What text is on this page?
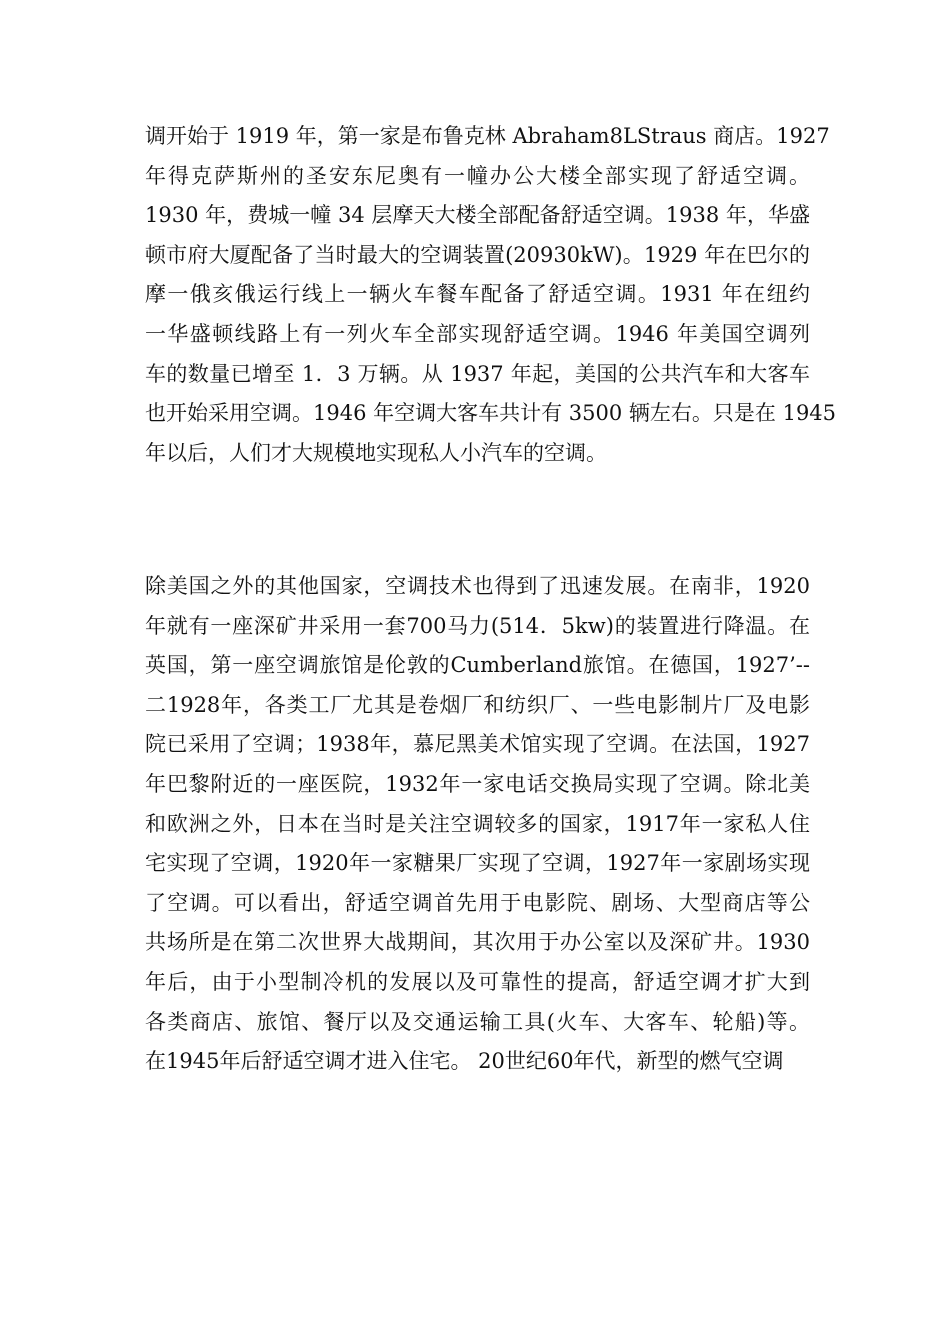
调开始于 1919 年，第一家是布鲁克林 Abraham8LStraus 商店。1927
年得克萨斯州的圣安东尼奥有一幢办公大楼全部实现了舒适空调。
1930 年，费城一幢 34 层摩天大楼全部配备舒适空调。1938 年，华盛
顿市府大厦配备了当时最大的空调装置(20930kW)。1929 年在巴尔的
摩一俄亥俄运行线上一辆火车餐车配备了舒适空调。1931 年在纽约
一华盛顿线路上有一列火车全部实现舒适空调。1946 年美国空调列
车的数量已增至 1．3 万辆。从 1937 年起，美国的公共汽车和大客车
也开始采用空调。1946 年空调大客车共计有 3500 辆左右。只是在 1945
年以后，人们才大规模地实现私人小汽车的空调。
除美国之外的其他国家，空调技术也得到了迅速发展。在南非，1920
年就有一座深矿井采用一套700马力(514．5kw)的装置进行降温。在
英国，第一座空调旅馆是伦敦的Cumberland旅馆。在德国，1927’--
二1928年，各类工厂尤其是卷烟厂和纺织厂、一些电影制片厂及电影
院已采用了空调；1938年，慕尼黑美术馆实现了空调。在法国，1927
年巴黎附近的一座医院，1932年一家电话交换局实现了空调。除北美
和欧洲之外，日本在当时是关注空调较多的国家，1917年一家私人住
宅实现了空调，1920年一家糖果厂实现了空调，1927年一家剧场实现
了空调。可以看出，舒适空调首先用于电影院、剧场、大型商店等公
共场所是在第二次世界大战期间，其次用于办公室以及深矿井。1930
年后，由于小型制冷机的发展以及可靠性的提高，舒适空调才扩大到
各类商店、旅馆、餐厅以及交通运输工具(火车、大客车、轮船)等。
在1945年后舒适空调才进入住宅。 20世纪60年代，新型的燃气空调
